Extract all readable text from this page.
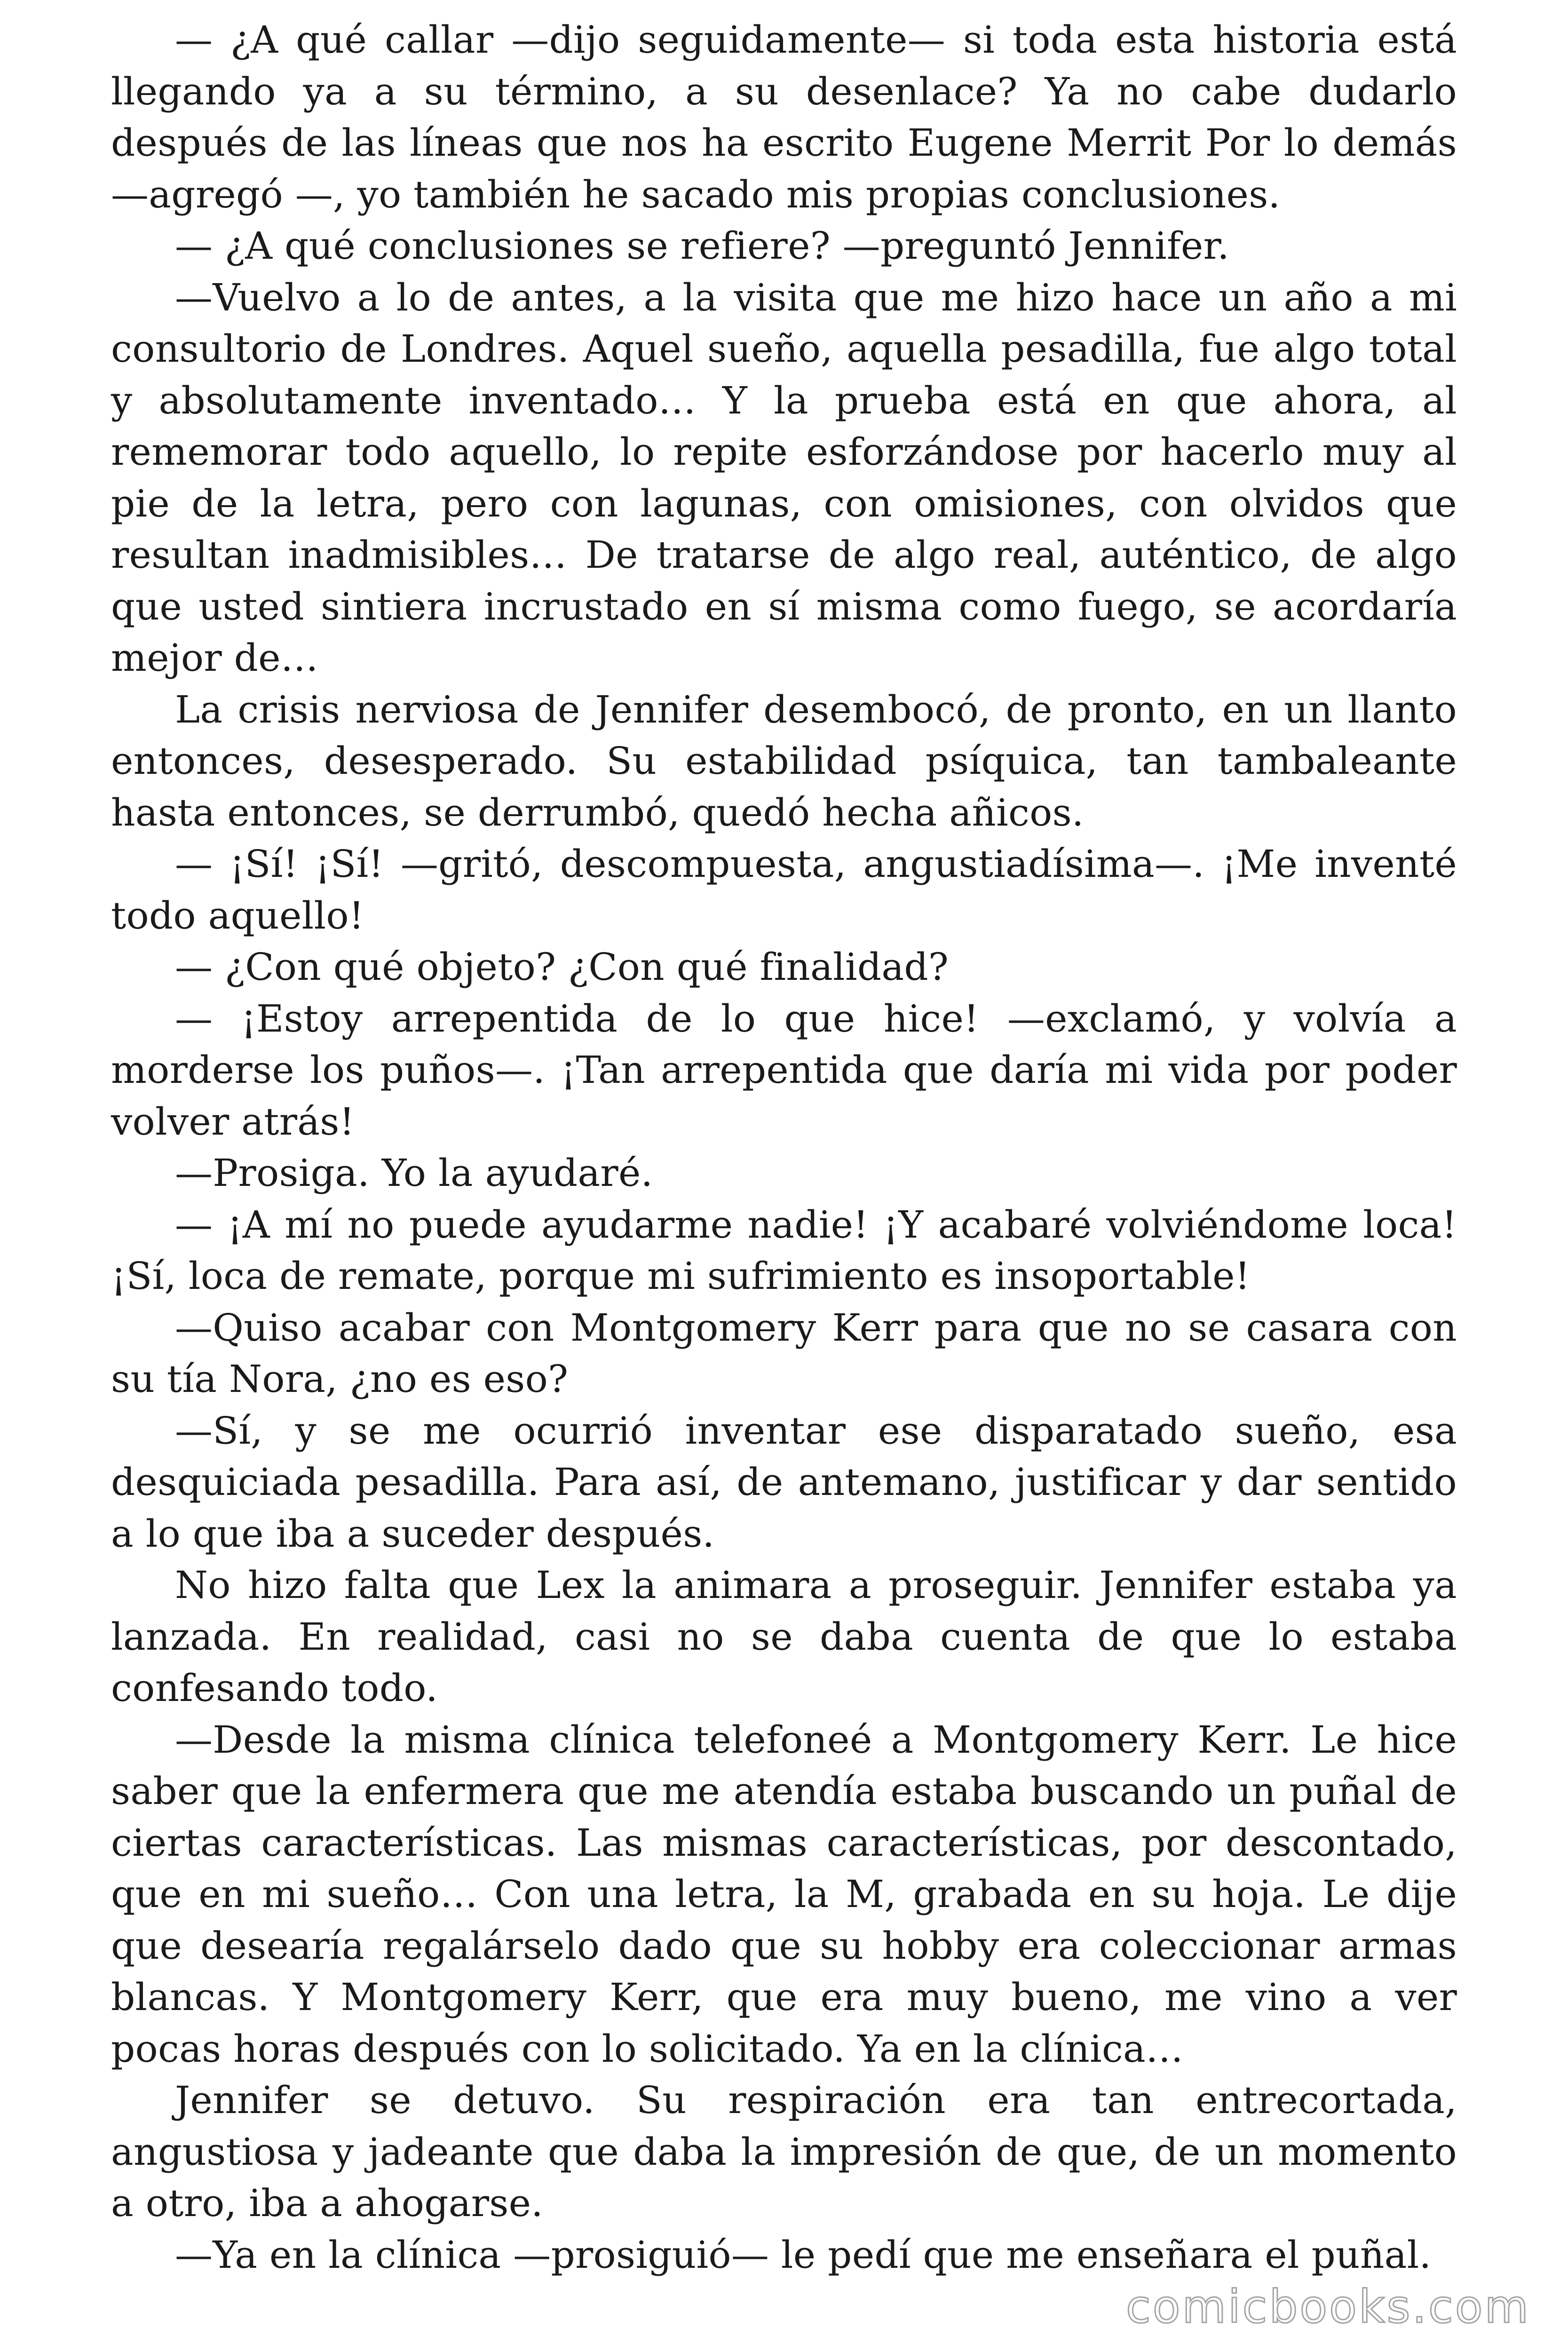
— ¿A qué callar —dijo seguidamente— si toda esta historia está llegando ya a su término, a su desenlace? Ya no cabe dudarlo después de las líneas que nos ha escrito Eugene Merrit Por lo demás —agregó —, yo también he sacado mis propias conclusiones.

— ¿A qué conclusiones se refiere? —preguntó Jennifer.

—Vuelvo a lo de antes, a la visita que me hizo hace un año a mi consultorio de Londres. Aquel sueño, aquella pesadilla, fue algo total y absolutamente inventado… Y la prueba está en que ahora, al rememorar todo aquello, lo repite esforzándose por hacerlo muy al pie de la letra, pero con lagunas, con omisiones, con olvidos que resultan inadmisibles… De tratarse de algo real, auténtico, de algo que usted sintiera incrustado en sí misma como fuego, se acordaría mejor de…

La crisis nerviosa de Jennifer desembocó, de pronto, en un llanto entonces, desesperado. Su estabilidad psíquica, tan tambaleante hasta entonces, se derrumbó, quedó hecha añicos.

— ¡Sí! ¡Sí! —gritó, descompuesta, angustiadísima—. ¡Me inventé todo aquello!

— ¿Con qué objeto? ¿Con qué finalidad?

— ¡Estoy arrepentida de lo que hice! —exclamó, y volvía a morderse los puños—. ¡Tan arrepentida que daría mi vida por poder volver atrás!

—Prosiga. Yo la ayudaré.

— ¡A mí no puede ayudarme nadie! ¡Y acabaré volviéndome loca! ¡Sí, loca de remate, porque mi sufrimiento es insoportable!

—Quiso acabar con Montgomery Kerr para que no se casara con su tía Nora, ¿no es eso?

—Sí, y se me ocurrió inventar ese disparatado sueño, esa desquiciada pesadilla. Para así, de antemano, justificar y dar sentido a lo que iba a suceder después.

No hizo falta que Lex la animara a proseguir. Jennifer estaba ya lanzada. En realidad, casi no se daba cuenta de que lo estaba confesando todo.

—Desde la misma clínica telefoneé a Montgomery Kerr. Le hice saber que la enfermera que me atendía estaba buscando un puñal de ciertas características. Las mismas características, por descontado, que en mi sueño… Con una letra, la M, grabada en su hoja. Le dije que desearía regalárselo dado que su hobby era coleccionar armas blancas. Y Montgomery Kerr, que era muy bueno, me vino a ver pocas horas después con lo solicitado. Ya en la clínica…

Jennifer se detuvo. Su respiración era tan entrecortada, angustiosa y jadeante que daba la impresión de que, de un momento a otro, iba a ahogarse.

—Ya en la clínica —prosiguió— le pedí que me enseñara el puñal.

comicbooks.com
